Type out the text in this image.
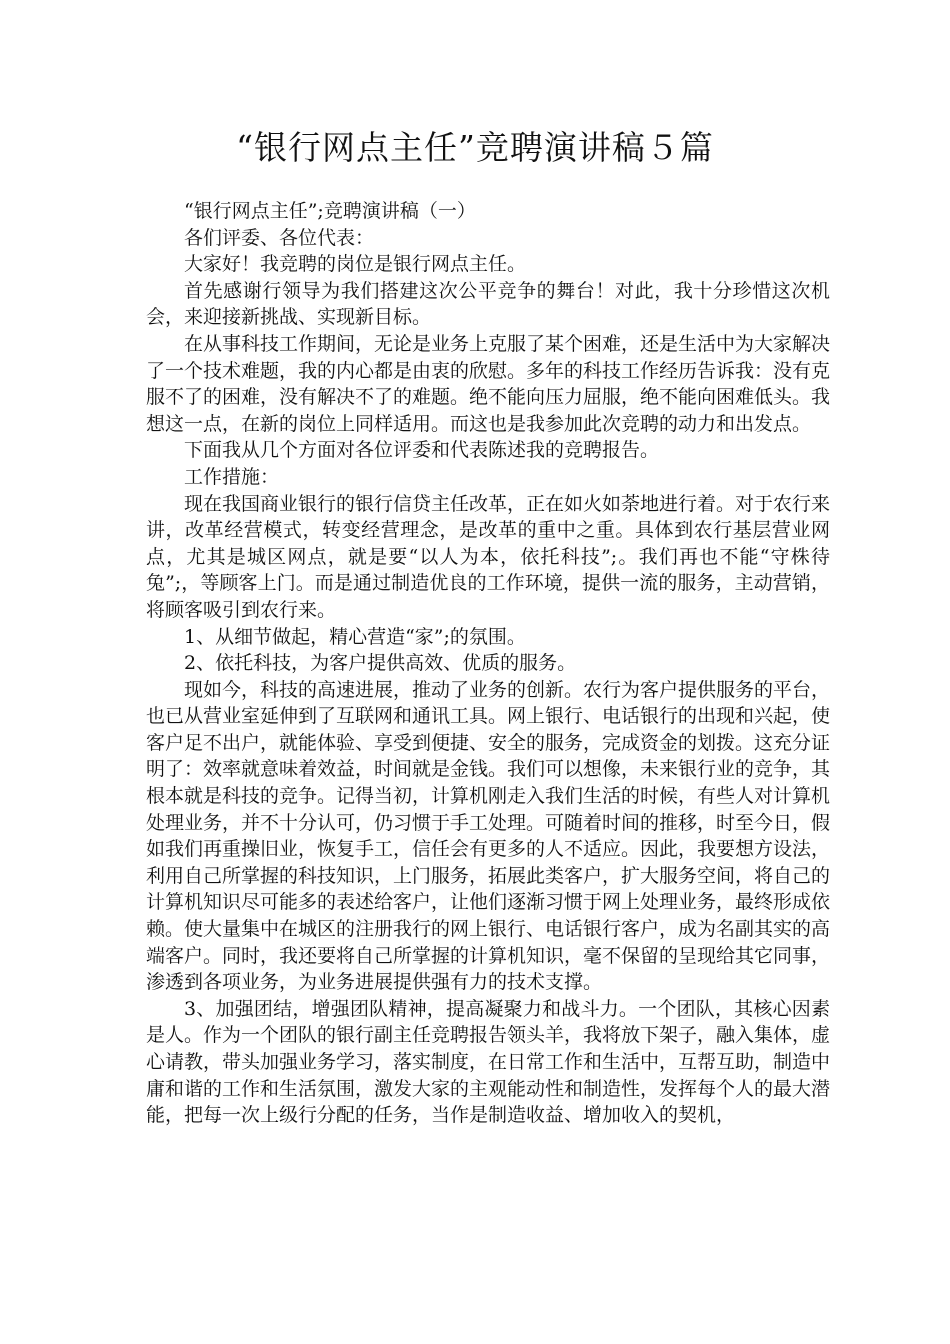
“银行网点主任”竞聘演讲稿５篇

“银行网点主任”;竞聘演讲稿（一）

各们评委、各位代表：

大家好！我竞聘的岗位是银行网点主任。

首先感谢行领导为我们搭建这次公平竞争的舞台！对此，我十分珍惜这次机会，来迎接新挑战、实现新目标。

在从事科技工作期间，无论是业务上克服了某个困难，还是生活中为大家解决了一个技术难题，我的内心都是由衷的欣慰。多年的科技工作经历告诉我：没有克服不了的困难，没有解决不了的难题。绝不能向压力屈服，绝不能向困难低头。我想这一点，在新的岗位上同样适用。而这也是我参加此次竞聘的动力和出发点。

下面我从几个方面对各位评委和代表陈述我的竞聘报告。

工作措施：

现在我国商业银行的银行信贷主任改革，正在如火如荼地进行着。对于农行来讲，改革经营模式，转变经营理念，是改革的重中之重。具体到农行基层营业网点，尤其是城区网点，就是要“以人为本，依托科技”;。我们再也不能“守株待兔”;，等顾客上门。而是通过制造优良的工作环境，提供一流的服务，主动营销，将顾客吸引到农行来。

1、从细节做起，精心营造“家”;的氛围。

2、依托科技，为客户提供高效、优质的服务。

现如今，科技的高速进展，推动了业务的创新。农行为客户提供服务的平台，也已从营业室延伸到了互联网和通讯工具。网上银行、电话银行的出现和兴起，使客户足不出户，就能体验、享受到便捷、安全的服务，完成资金的划拨。这充分证明了：效率就意味着效益，时间就是金钱。我们可以想像，未来银行业的竞争，其根本就是科技的竞争。记得当初，计算机刚走入我们生活的时候，有些人对计算机处理业务，并不十分认可，仍习惯于手工处理。可随着时间的推移，时至今日，假如我们再重操旧业，恢复手工，信任会有更多的人不适应。因此，我要想方设法，利用自己所掌握的科技知识，上门服务，拓展此类客户，扩大服务空间，将自己的计算机知识尽可能多的表述给客户，让他们逐渐习惯于网上处理业务，最终形成依赖。使大量集中在城区的注册我行的网上银行、电话银行客户，成为名副其实的高端客户。同时，我还要将自己所掌握的计算机知识，毫不保留的呈现给其它同事，渗透到各项业务，为业务进展提供强有力的技术支撑。

3、加强团结，增强团队精神，提高凝聚力和战斗力。一个团队，其核心因素是人。作为一个团队的银行副主任竞聘报告领头羊，我将放下架子，融入集体，虚心请教，带头加强业务学习，落实制度，在日常工作和生活中，互帮互助，制造中庸和谐的工作和生活氛围，激发大家的主观能动性和制造性，发挥每个人的最大潜能，把每一次上级行分配的任务，当作是制造收益、增加收入的契机，
